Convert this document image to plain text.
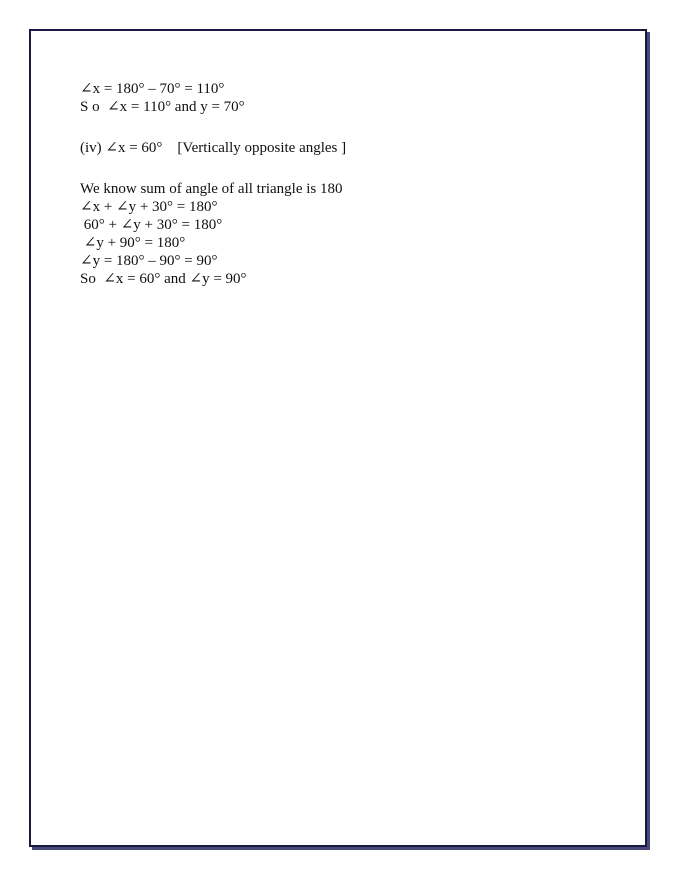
∠x = 180° – 70° = 110°
S o  ∠x = 110° and y = 70°
(iv) ∠x = 60°    [Vertically opposite angles ]
We know sum of angle of all triangle is 180
∠x + ∠y + 30° = 180°
60° + ∠y + 30° = 180°
∠y + 90° = 180°
∠y = 180° – 90° = 90°
So  ∠x = 60° and ∠y = 90°
